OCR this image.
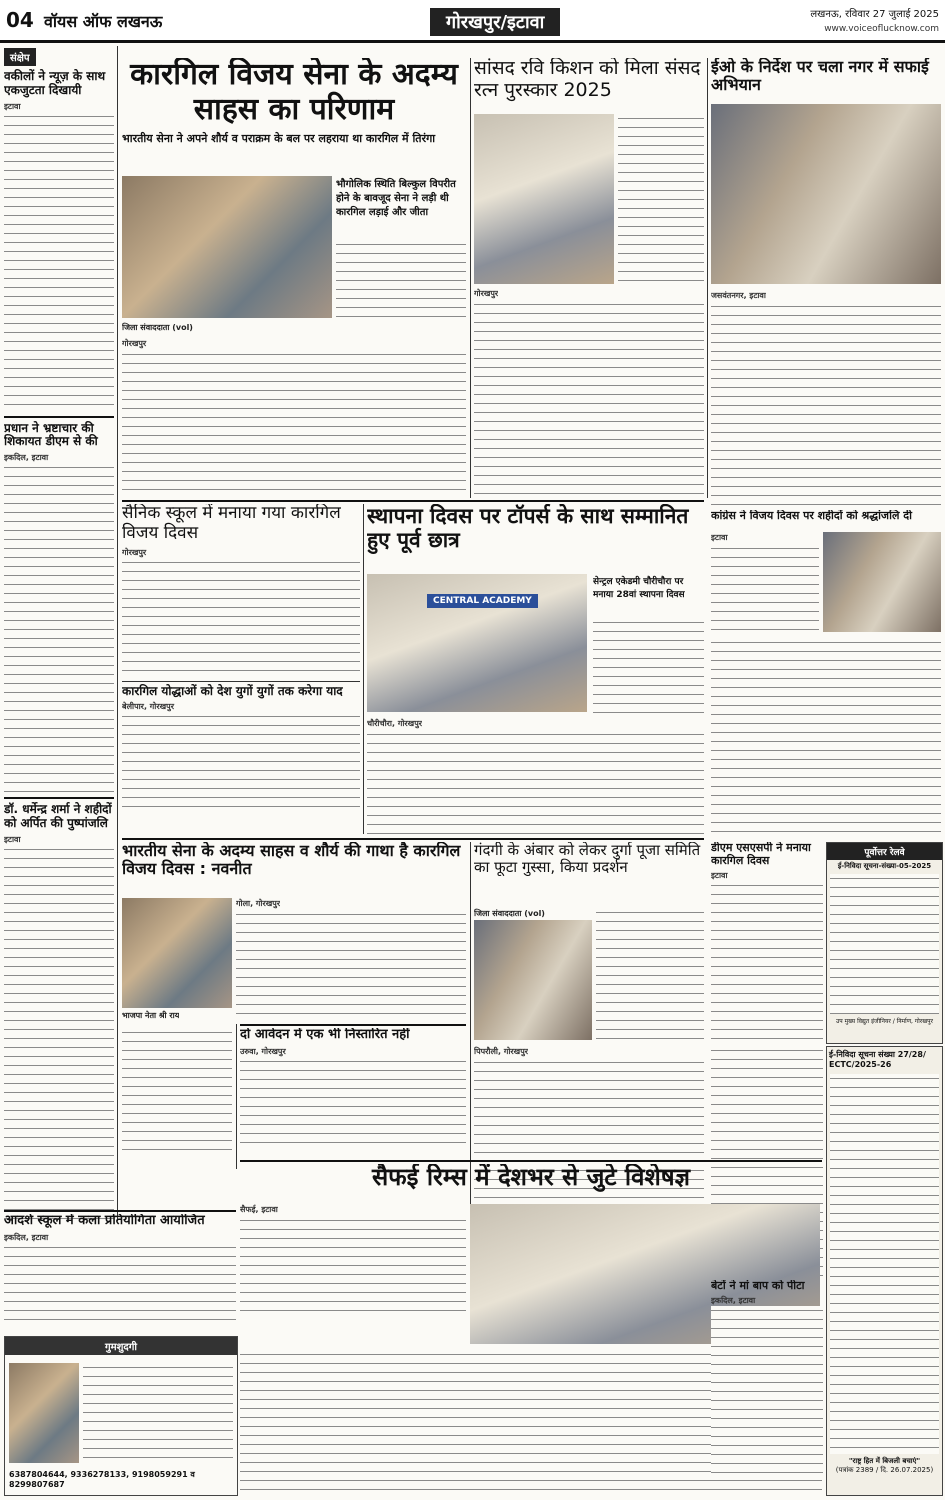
04 वॉयस ऑफ लखनऊ	गोरखपुर/इटावा	लखनऊ, रविवार 27 जुलाई 2025
www.voiceoflucknow.com
संक्षेप
वकीलों ने न्यूज़ के साथ एकजुटता दिखायी
इटावा
प्रधान ने भ्रष्टाचार की शिकायत डीएम से की
इकदिल, इटावा
डॉ. धर्मेन्द्र शर्मा ने शहीदों को अर्पित की पुष्पांजलि
इटावा
कारगिल विजय सेना के अदम्य साहस का परिणाम
भारतीय सेना ने अपने शौर्य व पराक्रम के बल पर लहराया था कारगिल में तिरंगा
भौगोलिक स्थिति बिल्कुल विपरीत होने के बावजूद सेना ने लड़ी थी कारगिल लड़ाई और जीता
जिला संवाददाता (vol)
गोरखपुर
सांसद रवि किशन को मिला संसद रत्न पुरस्कार 2025
गोरखपुर
ईओ के निर्देश पर चला नगर में सफाई अभियान
जसवंतनगर, इटावा
सैनिक स्कूल में मनाया गया कारगिल विजय दिवस
गोरखपुर
कारगिल योद्धाओं को देश युगों युगों तक करेगा याद
बेलीपार, गोरखपुर
स्थापना दिवस पर टॉपर्स के साथ सम्मानित हुए पूर्व छात्र
CENTRAL ACADEMY
सेन्ट्रल एकेडमी चौरीचौरा पर मनाया 28वां स्थापना दिवस
चौरीचौरा, गोरखपुर
कांग्रेस ने विजय दिवस पर शहीदों को श्रद्धांजलि दी
इटावा
भारतीय सेना के अदम्य साहस व शौर्य की गाथा है कारगिल विजय दिवस : नवनीत
भाजपा नेता श्री राय
गोला, गोरखपुर
गंदगी के अंबार को लेकर दुर्गा पूजा समिति का फूटा गुस्सा, किया प्रदर्शन
जिला संवाददाता (vol)
पिपरौली, गोरखपुर
डीएम एसएसपी ने मनाया कारगिल दिवस
इटावा
पूर्वोत्तर रेलवे
ई-निविदा सूचना-संख्या-05-2025
उप मुख्य विद्युत इंजीनियर / निर्माण, गोरखपुर
ई-निविदा सूचना संख्या 27/28/ ECTC/2025-26
"राष्ट्र हित में बिजली बचाएं"
(पत्रांक 2389 / दि. 26.07.2025)
दो आवेदन में एक भी निस्तारित नहीं
उरुवा, गोरखपुर
आदर्श स्कूल में कला प्रतियोगिता आयोजित
इकदिल, इटावा
गुमशुदगी
6387804644, 9336278133, 9198059291 व 8299807687
सैफई रिम्स में देशभर से जुटे विशेषज्ञ
सैफई, इटावा
बेटों ने मां बाप को पीटा
इकदिल, इटावा
